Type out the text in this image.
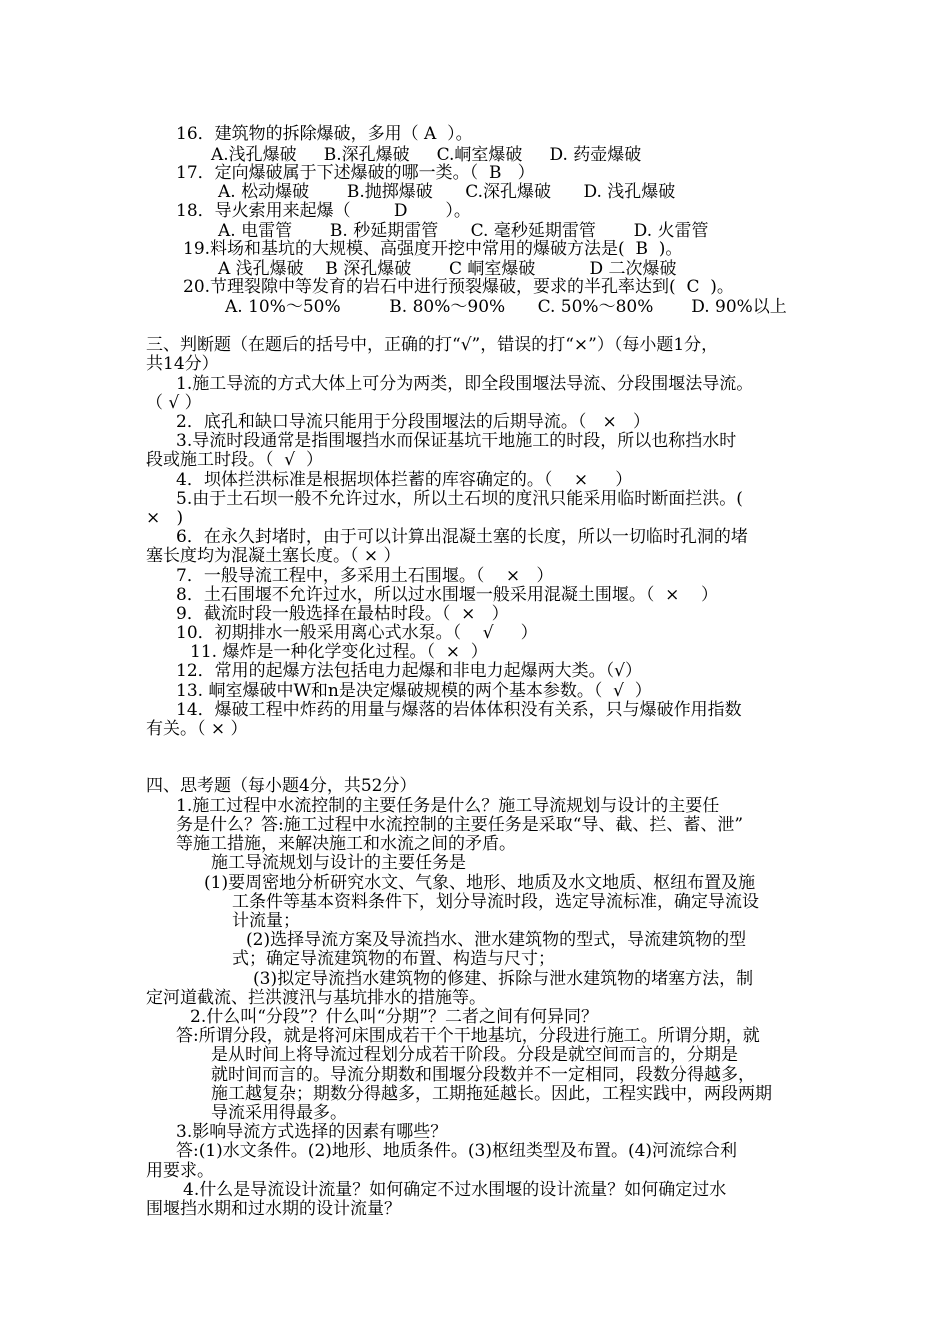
16．建筑物的拆除爆破，多用（ A  ）。
A.浅孔爆破     B.深孔爆破     C.峒室爆破     D. 药壶爆破
17．定向爆破属于下述爆破的哪一类。（  B   ）
A. 松动爆破       B.抛掷爆破      C.深孔爆破      D. 浅孔爆破
18．导火索用来起爆（        D       ）。
A. 电雷管       B. 秒延期雷管      C. 毫秒延期雷管       D. 火雷管
19.料场和基坑的大规模、高强度开挖中常用的爆破方法是(  B  )。
A 浅孔爆破    B 深孔爆破       C 峒室爆破          D 二次爆破
20.节理裂隙中等发育的岩石中进行预裂爆破，要求的半孔率达到(  C  )。
A. 10%～50%         B. 80%～90%      C. 50%～80%       D. 90%以上
三、判断题（在题后的括号中，正确的打“√”，错误的打“×”）（每小题1分，
共14分）
1.施工导流的方式大体上可分为两类，即全段围堰法导流、分段围堰法导流。
（ √ ）
2．底孔和缺口导流只能用于分段围堰法的后期导流。（   ×   ）
3.导流时段通常是指围堰挡水而保证基坑干地施工的时段，所以也称挡水时
段或施工时段。（  √  ）
4．坝体拦洪标准是根据坝体拦蓄的库容确定的。（    ×     ）
5.由于土石坝一般不允许过水，所以土石坝的度汛只能采用临时断面拦洪。(
×   )
6．在永久封堵时，由于可以计算出混凝土塞的长度，所以一切临时孔洞的堵
塞长度均为混凝土塞长度。（ × ）
7．一般导流工程中，多采用土石围堰。（    ×   ）
8．土石围堰不允许过水，所以过水围堰一般采用混凝土围堰。（  ×    ）
9．截流时段一般选择在最枯时段。（  ×   ）
10．初期排水一般采用离心式水泵。（    √     ）
11. 爆炸是一种化学变化过程。（  ×  ）
12．常用的起爆方法包括电力起爆和非电力起爆两大类。（√）
13. 峒室爆破中W和n是决定爆破规模的两个基本参数。（  √  ）
14．爆破工程中炸药的用量与爆落的岩体体积没有关系，只与爆破作用指数
有关。（ × ）
四、思考题（每小题4分，共52分）
1.施工过程中水流控制的主要任务是什么？施工导流规划与设计的主要任
务是什么？答:施工过程中水流控制的主要任务是采取“导、截、拦、蓄、泄”
等施工措施，来解决施工和水流之间的矛盾。
施工导流规划与设计的主要任务是
(1)要周密地分析研究水文、气象、地形、地质及水文地质、枢纽布置及施
工条件等基本资料条件下，划分导流时段，选定导流标准，确定导流设
计流量；
(2)选择导流方案及导流挡水、泄水建筑物的型式，导流建筑物的型
式；确定导流建筑物的布置、构造与尺寸；
(3)拟定导流挡水建筑物的修建、拆除与泄水建筑物的堵塞方法，制
定河道截流、拦洪渡汛与基坑排水的措施等。
2.什么叫“分段”？什么叫“分期”？二者之间有何异同？
答:所谓分段，就是将河床围成若干个干地基坑，分段进行施工。所谓分期，就
是从时间上将导流过程划分成若干阶段。分段是就空间而言的，分期是
就时间而言的。导流分期数和围堰分段数并不一定相同，段数分得越多，
施工越复杂；期数分得越多，工期拖延越长。因此，工程实践中，两段两期
导流采用得最多。
3.影响导流方式选择的因素有哪些？
答:(1)水文条件。(2)地形、地质条件。(3)枢纽类型及布置。(4)河流综合利
用要求。
4.什么是导流设计流量？如何确定不过水围堰的设计流量？如何确定过水
围堰挡水期和过水期的设计流量？
